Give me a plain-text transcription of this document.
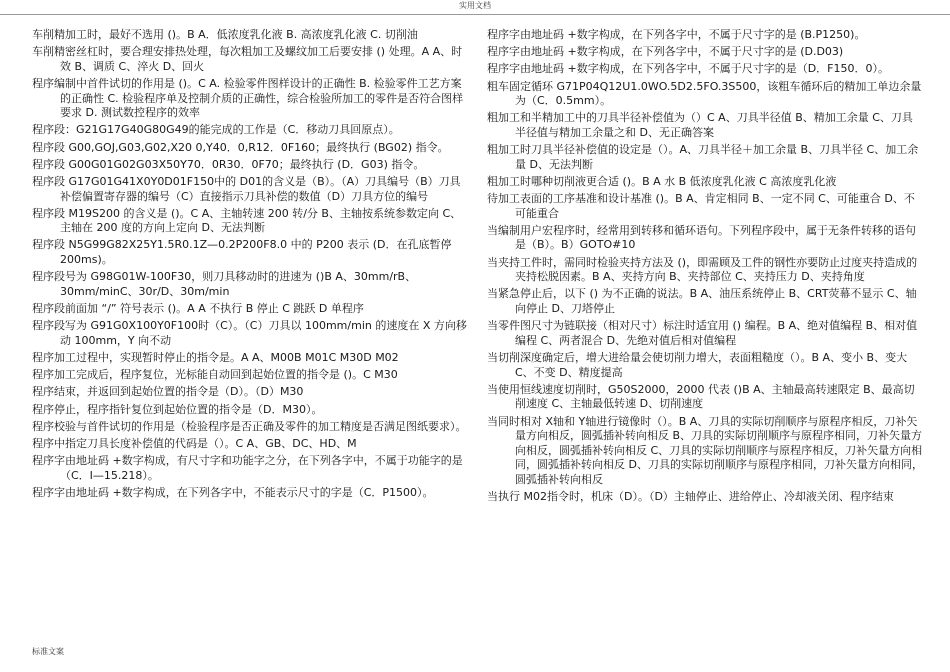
实用文档
车削精加工时，最好不选用 ()。B A．低浓度乳化液 B. 高浓度乳化液 C. 切削油
车削精密丝杠时，要合理安排热处理，每次粗加工及螺纹加工后要安排 () 处理。A A、时效 B、调质 C、淬火 D、回火
程序编制中首件试切的作用是 ()。C A. 检验零件图样设计的正确性 B. 检验零件工艺方案的正确性 C. 检验程序单及控制介质的正确性，综合检验所加工的零件是否符合图样要求 D. 测试数控程序的效率
程序段：G21G17G40G80G49的能完成的工作是（C．移动刀具回原点）。
程序段 G00,GOJ,G03,G02,X20 0,Y40．0,R12．0F160；最终执行 (BG02) 指令。
程序段 G00G01G02G03X50Y70．0R30．0F70；最终执行 (D．G03) 指令。
程序段 G17G01G41X0Y0D01F150中的 D01的含义是（B）。（A）刀具编号（B）刀具补偿偏置寄存器的编号（C）直接指示刀具补偿的数值（D）刀具方位的编号
程序段 M19S200 的含义是 ()。C A、主轴转速 200 转/分 B、主轴按系统参数定向 C、主轴在 200 度的方向上定向 D、无法判断
程序段 N5G99G82X25Y1.5R0.1Z—0.2P200F8.0 中的 P200 表示 (D．在孔底暂停 200ms)。
程序段号为 G98G01W-100F30，则刀具移动时的进速为 ()B A、30mm/rB、30mm/minC、30r/D、30m/min
程序段前面加 “/” 符号表示 ()。A A 不执行 B 停止 C 跳跃 D 单程序
程序段写为 G91G0X100Y0F100时（C）。（C）刀具以 100mm/min 的速度在 X 方向移动 100mm，Y 向不动
程序加工过程中，实现暂时停止的指令是。A A、M00B M01C M30D M02
程序加工完成后，程序复位，光标能自动回到起始位置的指令是 ()。C M30
程序结束，并返回到起始位置的指令是（D）。（D）M30
程序停止，程序指针复位到起始位置的指令是（D．M30）。
程序校验与首件试切的作用是（检验程序是否正确及零件的加工精度是否满足图纸要求）。
程序中指定刀具长度补偿值的代码是（）。C A、GB、DC、HD、M
程序字由地址码 +数字构成，有尺寸字和功能字之分，在下列各字中，不属于功能字的是（C．I—15.218）。
程序字由地址码 +数字构成，在下列各字中，不能表示尺寸的字是（C．P1500）。
程序字由地址码 +数字构成，在下列各字中，不属于尺寸字的是 (B.P1250)。
程序字由地址码 +数字构成，在下列各字中，不属于尺寸字的是 (D.D03)
程序字由地址码 +数字构成，在下列各字中，不属于尺寸字的是（D．F150．0）。
粗车固定循环 G71P04Q12U1.0WO.5D2.5FO.3S500，该粗车循环后的精加工单边余量为（C．0.5mm）。
粗加工和半精加工中的刀具半径补偿值为（）C A、刀具半径值 B、精加工余量 C、刀具半径值与精加工余量之和 D、无正确答案
粗加工时刀具半径补偿值的设定是（）。A、刀具半径＋加工余量 B、刀具半径 C、加工余量 D、无法判断
粗加工时哪种切削液更合适 ()。B A 水 B 低浓度乳化液 C 高浓度乳化液
待加工表面的工序基准和设计基准 ()。B A、肯定相同 B、一定不同 C、可能重合 D、不可能重合
当编制用户宏程序时，经常用到转移和循环语句。下列程序段中，属于无条件转移的语句是（B）。B）GOTO#10
当夹持工件时，需同时检验夹持方法及 ()，即需顾及工件的钢性亦要防止过度夹持造成的夹持松脱因素。B A、夹持方向 B、夹持部位 C、夹持压力 D、夹持角度
当紧急停止后，以下 () 为不正确的说法。B A、油压系统停止 B、CRT荧幕不显示 C、轴向停止 D、刀塔停止
当零件图尺寸为链联接（相对尺寸）标注时适宜用 () 编程。B A、绝对值编程 B、相对值编程 C、两者混合 D、先绝对值后相对值编程
当切削深度确定后，增大进给量会使切削力增大，表面粗糙度（）。B A、变小 B、变大 C、不变 D、精度提高
当使用恒线速度切削时，G50S2000，2000 代表 ()B A、主轴最高转速限定 B、最高切削速度 C、主轴最低转速 D、切削速度
当同时相对 X轴和 Y轴进行镜像时（）。B A、刀具的实际切削顺序与原程序相反，刀补矢量方向相反，圆弧插补转向相反 B、刀具的实际切削顺序与原程序相同，刀补矢量方向相反，圆弧插补转向相反 C、刀具的实际切削顺序与原程序相反，刀补矢量方向相同，圆弧插补转向相反 D、刀具的实际切削顺序与原程序相同，刀补矢量方向相同，圆弧插补转向相反
当执行 M02指令时，机床（D）。（D）主轴停止、进给停止、冷却液关闭、程序结束
标准文案
